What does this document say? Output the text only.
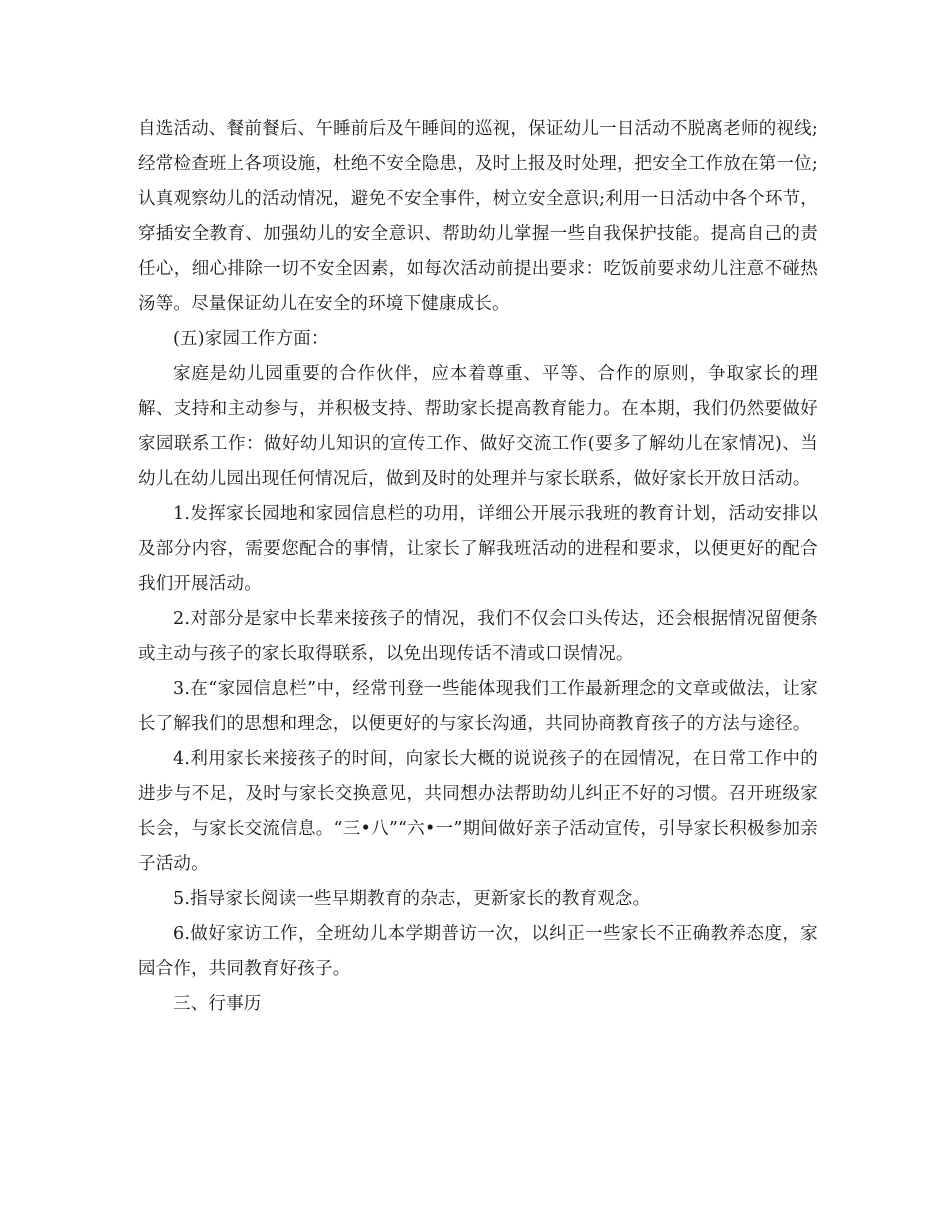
自选活动、餐前餐后、午睡前后及午睡间的巡视，保证幼儿一日活动不脱离老师的视线;经常检查班上各项设施，杜绝不安全隐患，及时上报及时处理，把安全工作放在第一位;认真观察幼儿的活动情况，避免不安全事件，树立安全意识;利用一日活动中各个环节，穿插安全教育、加强幼儿的安全意识、帮助幼儿掌握一些自我保护技能。提高自己的责任心，细心排除一切不安全因素，如每次活动前提出要求：吃饭前要求幼儿注意不碰热汤等。尽量保证幼儿在安全的环境下健康成长。

(五)家园工作方面：

家庭是幼儿园重要的合作伙伴，应本着尊重、平等、合作的原则，争取家长的理解、支持和主动参与，并积极支持、帮助家长提高教育能力。在本期，我们仍然要做好家园联系工作：做好幼儿知识的宣传工作、做好交流工作(要多了解幼儿在家情况)、当幼儿在幼儿园出现任何情况后，做到及时的处理并与家长联系，做好家长开放日活动。

1.发挥家长园地和家园信息栏的功用，详细公开展示我班的教育计划，活动安排以及部分内容，需要您配合的事情，让家长了解我班活动的进程和要求，以便更好的配合我们开展活动。

2.对部分是家中长辈来接孩子的情况，我们不仅会口头传达，还会根据情况留便条或主动与孩子的家长取得联系，以免出现传话不清或口误情况。

3.在“家园信息栏”中，经常刊登一些能体现我们工作最新理念的文章或做法，让家长了解我们的思想和理念，以便更好的与家长沟通，共同协商教育孩子的方法与途径。

4.利用家长来接孩子的时间，向家长大概的说说孩子的在园情况，在日常工作中的进步与不足，及时与家长交换意见，共同想办法帮助幼儿纠正不好的习惯。召开班级家长会，与家长交流信息。“三•八”“六•一”期间做好亲子活动宣传，引导家长积极参加亲子活动。

5.指导家长阅读一些早期教育的杂志，更新家长的教育观念。

6.做好家访工作，全班幼儿本学期普访一次，以纠正一些家长不正确教养态度，家园合作，共同教育好孩子。

三、行事历
